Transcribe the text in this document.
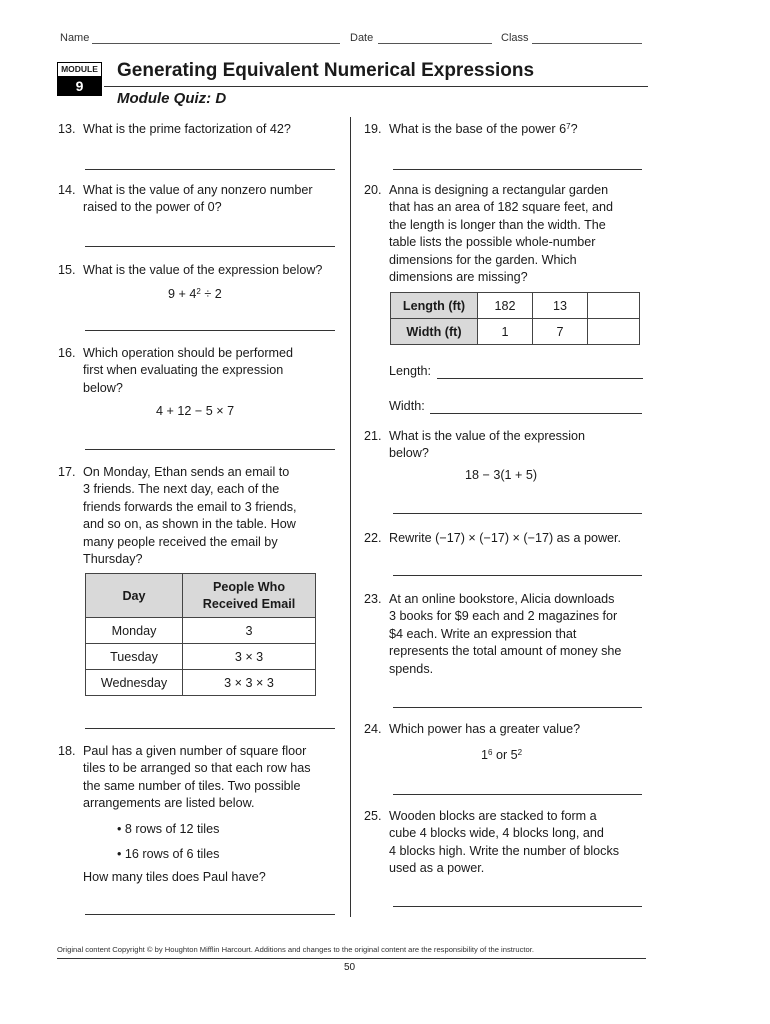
Name	Date	Class
MODULE
9
Generating Equivalent Numerical Expressions
Module Quiz: D
13. What is the prime factorization of 42?
14. What is the value of any nonzero number
raised to the power of 0?
15. What is the value of the expression below?
$9 + 4^2 \div 2$
16. Which operation should be performed
first when evaluating the expression
below?
4 + 12 − 5 × 7
17. On Monday, Ethan sends an email to
3 friends. The next day, each of the
friends forwards the email to 3 friends,
and so on, as shown in the table. How
many people received the email by
Thursday?
Day	People Who
Received Email

Monday	3
Tuesday	3 × 3
Wednesday	3 × 3 × 3
18. Paul has a given number of square floor
tiles to be arranged so that each row has
the same number of tiles. Two possible
arrangements are listed below.
• 8 rows of 12 tiles
• 16 rows of 6 tiles
How many tiles does Paul have?
19. What is the base of the power $6^7$?
20. Anna is designing a rectangular garden
that has an area of 182 square feet, and
the length is longer than the width. The
table lists the possible whole-number
dimensions for the garden. Which
dimensions are missing?
Length (ft)	182	13	
Width (ft)	1	7	
Length:
Width:
21. What is the value of the expression
below?
18 − 3(1 + 5)
22. Rewrite (−17) × (−17) × (−17) as a power.
23. At an online bookstore, Alicia downloads
3 books for $9 each and 2 magazines for
$4 each. Write an expression that
represents the total amount of money she
spends.
24. Which power has a greater value?
$1^6$ or $5^2$
25. Wooden blocks are stacked to form a
cube 4 blocks wide, 4 blocks long, and
4 blocks high. Write the number of blocks
used as a power.
Original content Copyright © by Houghton Mifflin Harcourt. Additions and changes to the original content are the responsibility of the instructor.
50
